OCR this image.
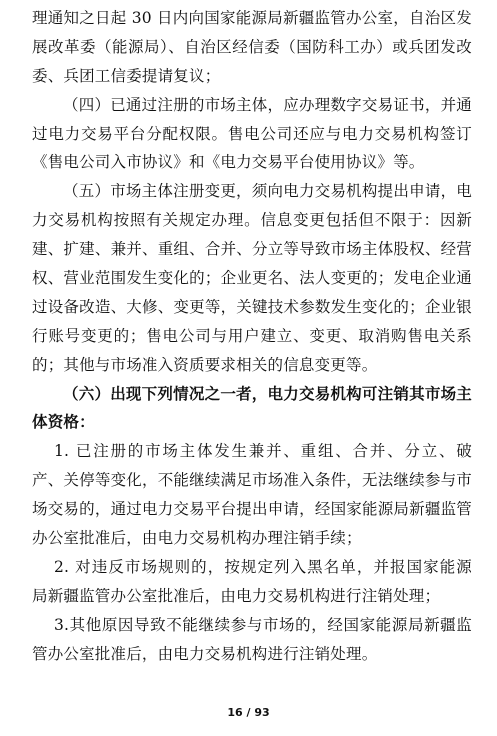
理通知之日起 30 日内向国家能源局新疆监管办公室，自治区发
展改革委（能源局）、自治区经信委（国防科工办）或兵团发改
委、兵团工信委提请复议；
（四）已通过注册的市场主体，应办理数字交易证书，并通
过电力交易平台分配权限。售电公司还应与电力交易机构签订
《售电公司入市协议》和《电力交易平台使用协议》等。
（五）市场主体注册变更，须向电力交易机构提出申请，电
力交易机构按照有关规定办理。信息变更包括但不限于：因新
建、扩建、兼并、重组、合并、分立等导致市场主体股权、经营
权、营业范围发生变化的；企业更名、法人变更的；发电企业通
过设备改造、大修、变更等，关键技术参数发生变化的；企业银
行账号变更的；售电公司与用户建立、变更、取消购售电关系
的；其他与市场准入资质要求相关的信息变更等。
（六）出现下列情况之一者，电力交易机构可注销其市场主
体资格：
1. 已注册的市场主体发生兼并、重组、合并、分立、破
产、关停等变化，不能继续满足市场准入条件，无法继续参与市
场交易的，通过电力交易平台提出申请，经国家能源局新疆监管
办公室批准后，由电力交易机构办理注销手续；
2. 对违反市场规则的，按规定列入黑名单，并报国家能源
局新疆监管办公室批准后，由电力交易机构进行注销处理；
3.其他原因导致不能继续参与市场的，经国家能源局新疆监
管办公室批准后，由电力交易机构进行注销处理。
16 / 93
